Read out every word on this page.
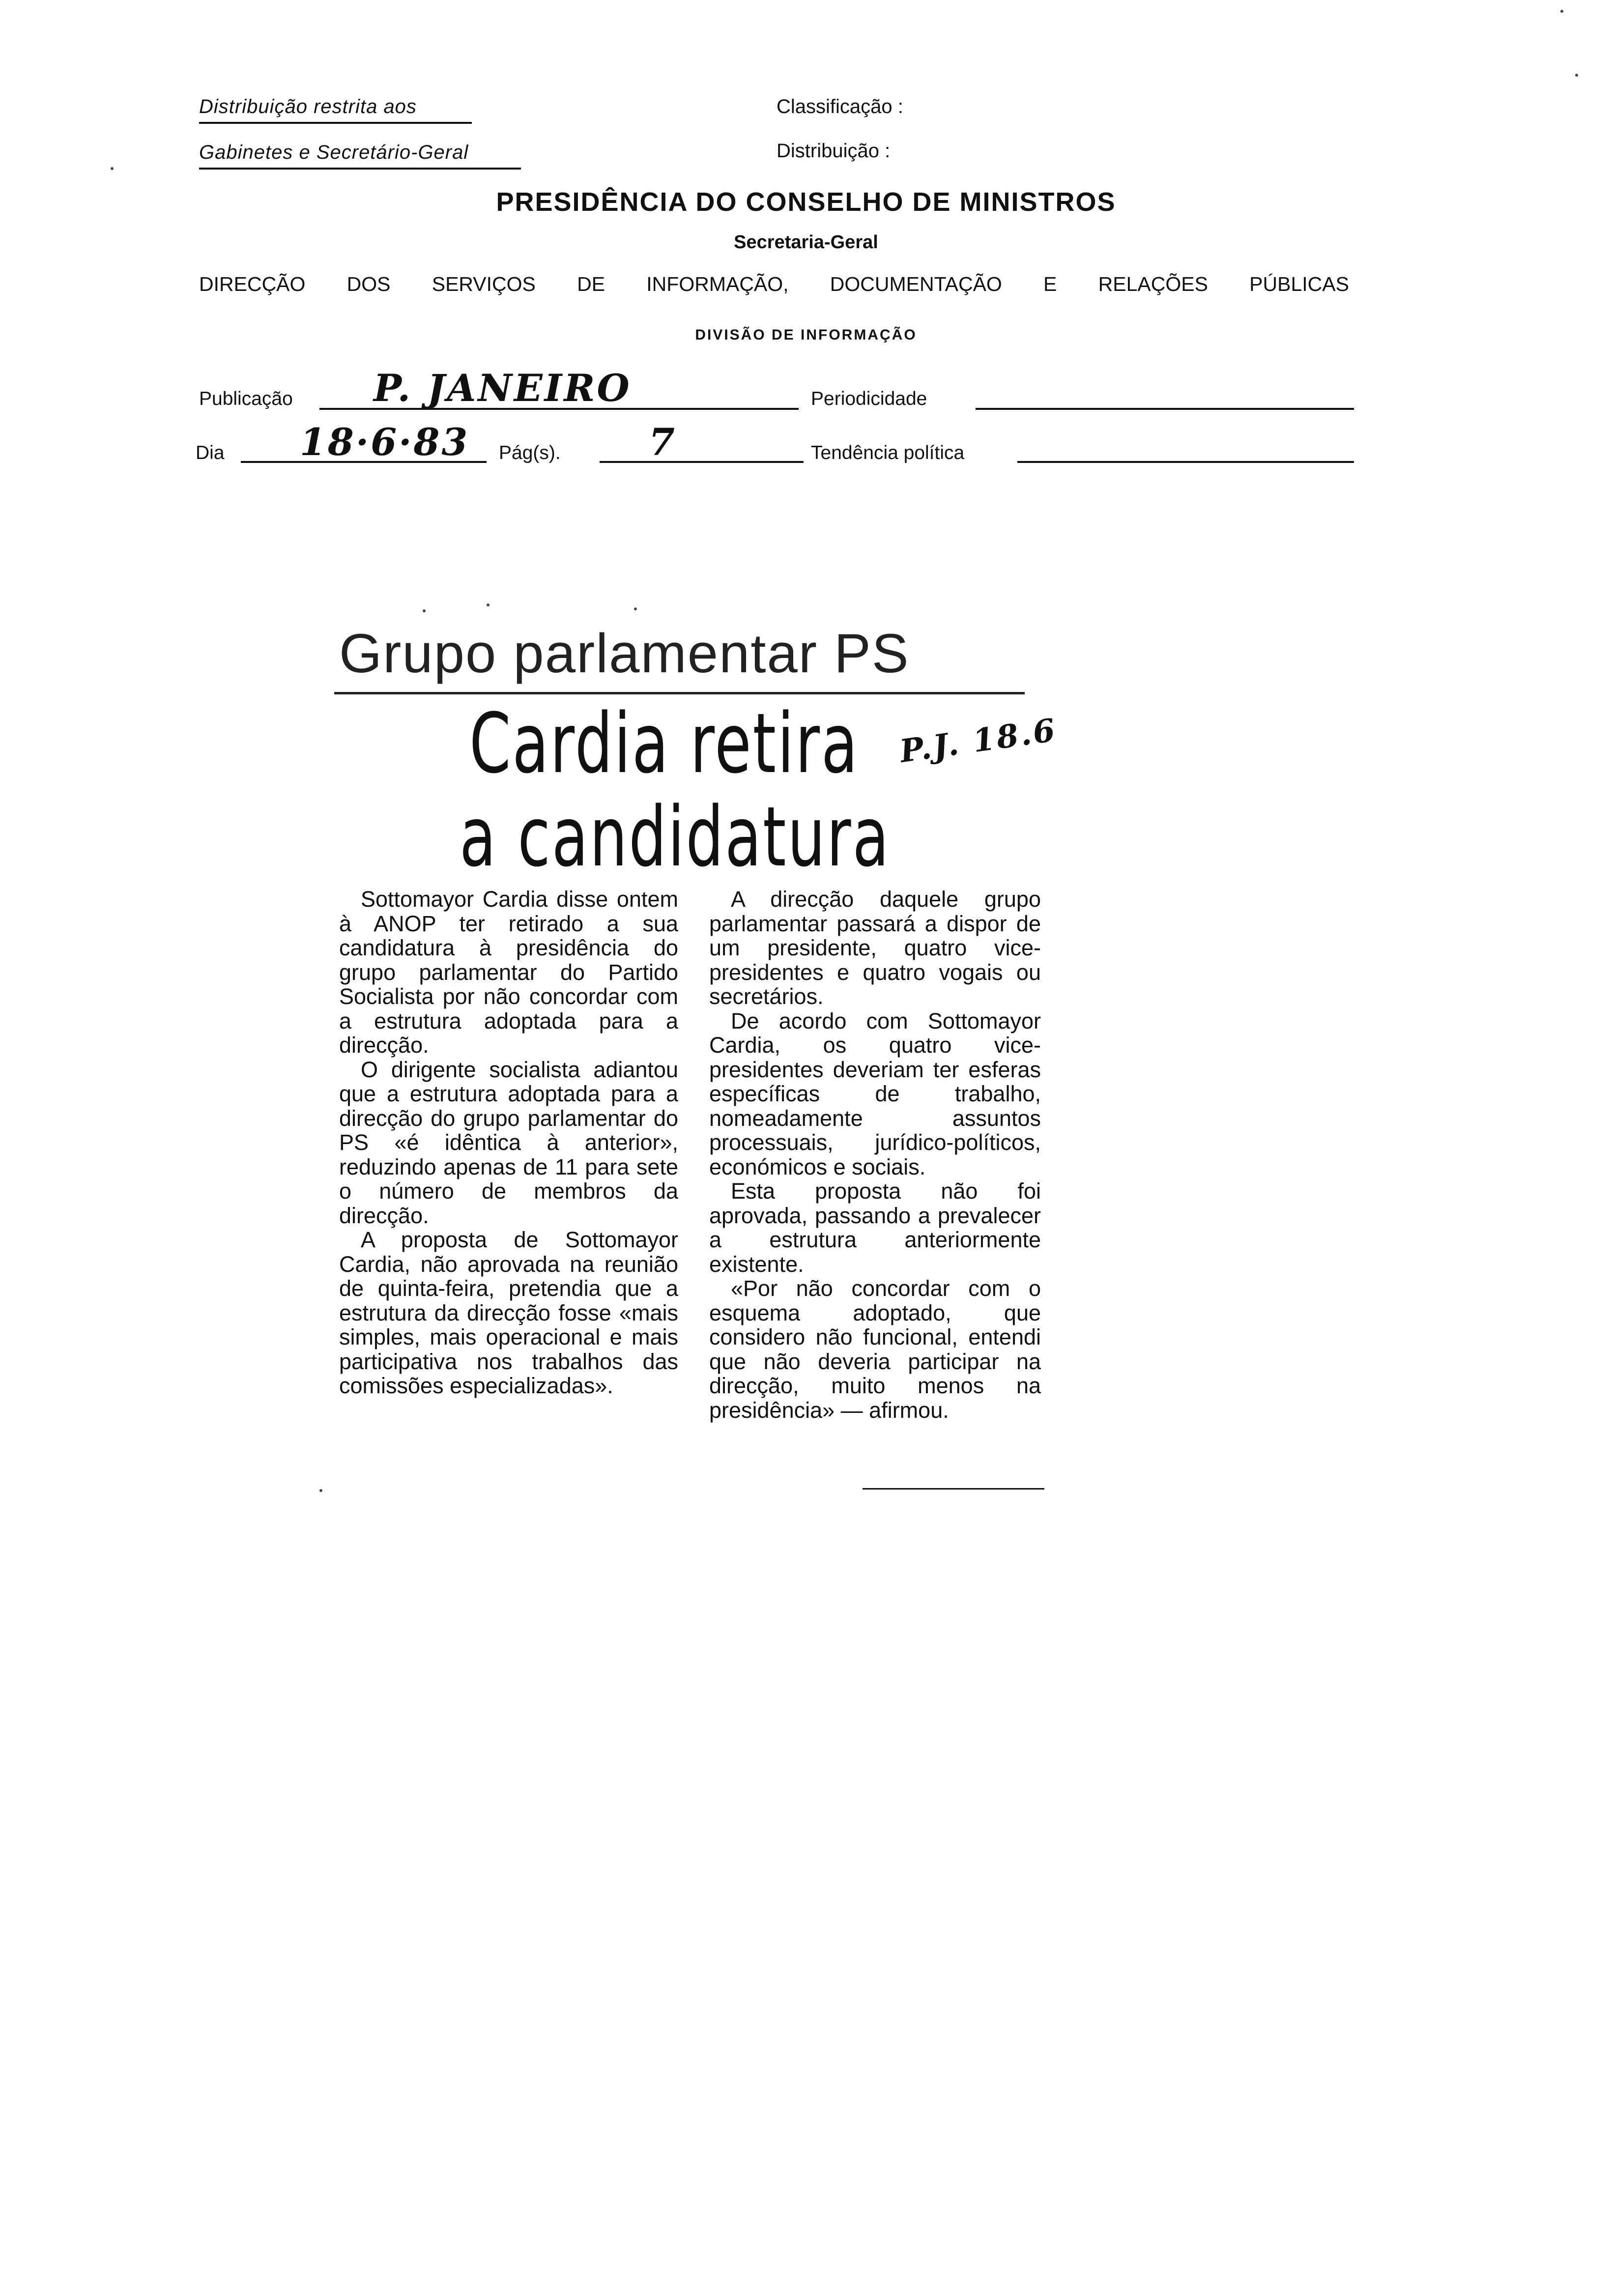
Distribuição restrita aos
Gabinetes e Secretário-Geral
Classificação :
Distribuição :
PRESIDÊNCIA DO CONSELHO DE MINISTROS
Secretaria-Geral
DIRECÇÃO DOS SERVIÇOS DE INFORMAÇÃO, DOCUMENTAÇÃO E RELAÇÕES PÚBLICAS
DIVISÃO DE INFORMAÇÃO
Publicação P. JANEIRO	Periodicidade
Dia 18·6·83 Pág(s). 7	Tendência política
Grupo parlamentar PS
Cardia retira
a candidatura
P.J. 18.6

Sottomayor Cardia disse ontem à ANOP ter retirado a sua candidatura à presidência do grupo parlamentar do Partido Socialista por não concordar com a estrutura adoptada para a direcção.

O dirigente socialista adiantou que a estrutura adoptada para a direcção do grupo parlamentar do PS «é idêntica à anterior», reduzindo apenas de 11 para sete o número de membros da direcção.

A proposta de Sottomayor Cardia, não aprovada na reunião de quinta-feira, pretendia que a estrutura da direcção fosse «mais simples, mais operacional e mais participativa nos trabalhos das comissões especializadas».

A direcção daquele grupo parlamentar passará a dispor de um presidente, quatro vice-presidentes e quatro vogais ou secretários.

De acordo com Sottomayor Cardia, os quatro vice-presidentes deveriam ter esferas específicas de trabalho, nomeadamente assuntos processuais, jurídico-políticos, económicos e sociais.

Esta proposta não foi aprovada, passando a prevalecer a estrutura anteriormente existente.

«Por não concordar com o esquema adoptado, que considero não funcional, entendi que não deveria participar na direcção, muito menos na presidência» — afirmou.
